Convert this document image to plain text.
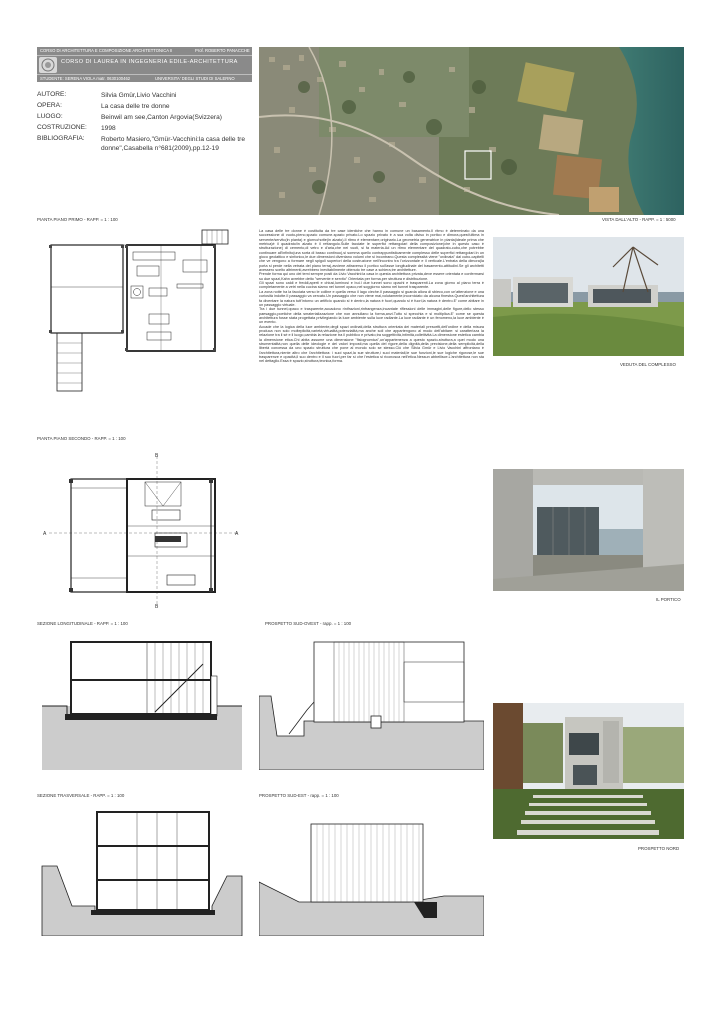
CORSO DI ARCHITETTURA E COMPOSIZIONE ARCHITETTONICA II	Prof. ROBERTO PANACCHE
CORSO DI LAUREA IN INGEGNERIA EDILE-ARCHITETTURA
STUDENTE: SERENA VIOLA matr. 0630100462	UNIVERSITA' DEGLI STUDI DI SALERNO
AUTORE:	Silvia Gmür,Livio Vacchini
OPERA:	La casa delle tre donne
LUOGO:	Beinwil am see,Canton Argovia(Svizzera)
COSTRUZIONE: 1998
BIBLIOGRAFIA: Roberto Masiero,"Gmür-Vacchini:la casa delle tre donne",Casabella n°681(2009),pp.12-19
VISTA DALL'ALTO - RAPP. = 1 : 5000
PIANTA PIANO PRIMO - RAPP. = 1 : 100

La casa delle tre donne è costituita da tre case identiche che hanno in comune un basamento.Il ritmo è determinato da una successione di vuoto-pieno,spazio comune-spazio privato.Lo spazio privato è a sua volta diviso in portico e dimora,quest'ultima in servente/servito(in pianta) e giorno/notte(in alzato).Il ritmo è elementare,originario.La geometria generatrice in pianta(ideale prima che metrica)è il quadrato/in alzato è il rettangolo.Sulle facciate le superfici rettangolari della composizione(che in questo caso è strutturazione) di cemento,di vetro e d'aria,che nei vuoti, si fa materia.Ad un ritmo elementare del quadrato-cubo,che potrebbe continuare all'infinito(una sorta di basso continuo),si somma quello contrappuntisticamente complesso delle superfici rettangolari.In un gioco geolattico e sinfonico,le due dimensioni diventano volumi che si incontrano.Questa complessità viene "ordinata" dai cubo-capitelli che ve vengono a formare negli spigoli superiori della costruzione nell'incontro tra l'orizzontale e il verticale.L'entrata della dimora(la porta si perde nella vetrata del piano terra),avviene attraverso il portico sull'asse longitudinale del basamento-attitudini.Se gli architetti avessero scelto altrimenti,avrebbero inevitabilmente ottenuto tre case a schiera,tre architetture.

Prende forma qui uno dei temi sempre posti da Livio Vacchini:la casa in questa architettura privata,deve essere orientata e confermarsi su due spazi,Kahn avrebbe detto "servente e servito" Orientata per forma,per struttura e distribuzione.

Gli spazi sono caldi e freddi,aperti e chiusi,luminosi e bui.I due tunnel sono opachi e trasparenti.La zona giorno al piano terra è completamente a vetri nella cucina siamo nel tunnel opaco,nel soggiorno siamo nel tunnel trasparente.

La zona notte ha la facciata verso le colline e quella verso il lago cieche.Il passaggio si guarda allora di sbieco,con un'attenzione e una curiosità indotte.Il passaggio va cercato.Un passaggio che non viene mai,volutamente,incorniciato da alcuna finestra.Quest'architettura fa diventare la natura tutt'intorno un artificio quando si è dentro,la natura è fuori,quando si è fuori,la natura è dentro.E' come abitare in un passaggio virtuale.

Tra i due tunnel,opaco e trasparente,accadono rinifrazioni,rinfrangenza,incantate riflessioni delle immagini,delle figure,dello stesso paesaggio,poetiche della smaterializzazione che non annullano la forma,anzi.Tutto si specchia e si moltiplica.E' come se questa architettura fosse stata progettata privilegiando la luce ambiente sulla luce radiante.La luce radiante è un fenomeno,la luce ambiente è un evento.

Accade che la logica della luce ambiente,degli spazi ordinati,della struttura orientata dei materiali prescelti,dell'ordine e della misura produca non solo molteplicità,varietà,virtualità,potenzialità,ma anche soli che appartengono al modo dell'abitare: si caratterizza la relazione tra il sé e il luogo,cambia la relazione tra il pubblico e privato,tra soggettività,intimità,collettività.La dimensione estetica cambia la dimensione etica.Chi abita assume una dimensione "fisiognomica",un'appartenenza a questo spazio-struttura,a quei modo una strumentalità,non quella delle ideologie e dei valori imposti,ma quella del rigore,della dignità,della precisione,della semplicità,della libertà concessa da uno spazio struttura che pone al mondo solo se stesso.Ciò che Silvia Gmür e Livio Vacchini affrontano è l'architettura,niente altro che l'architettura: i suoi spazi,la sue strutture,i suoi materiali,le sue funzioni,le sue logiche rigorose,le sue trasparenze e opacità,il suo dentro e il suo fuori,per far sì che l'estetica si riconosca nell'etica.Nessun abbellisce.L'architettura non sta nel dettaglio.Essa è spazio,struttura,tecnica,forma.

VEDUTA DEL COMPLESSO
PIANTA PIANO SECONDO - RAPP. = 1 : 100
B
B
A	A
IL PORTICO
SEZIONE LONGITUDINALE - RAPP. = 1 : 100	PROSPETTO SUD-OVEST - rapp. = 1 : 100
PROSPETTO NORD
SEZIONE TRASVERSALE - RAPP. = 1 : 100	PROSPETTO SUD-EST - rapp. = 1 : 100
